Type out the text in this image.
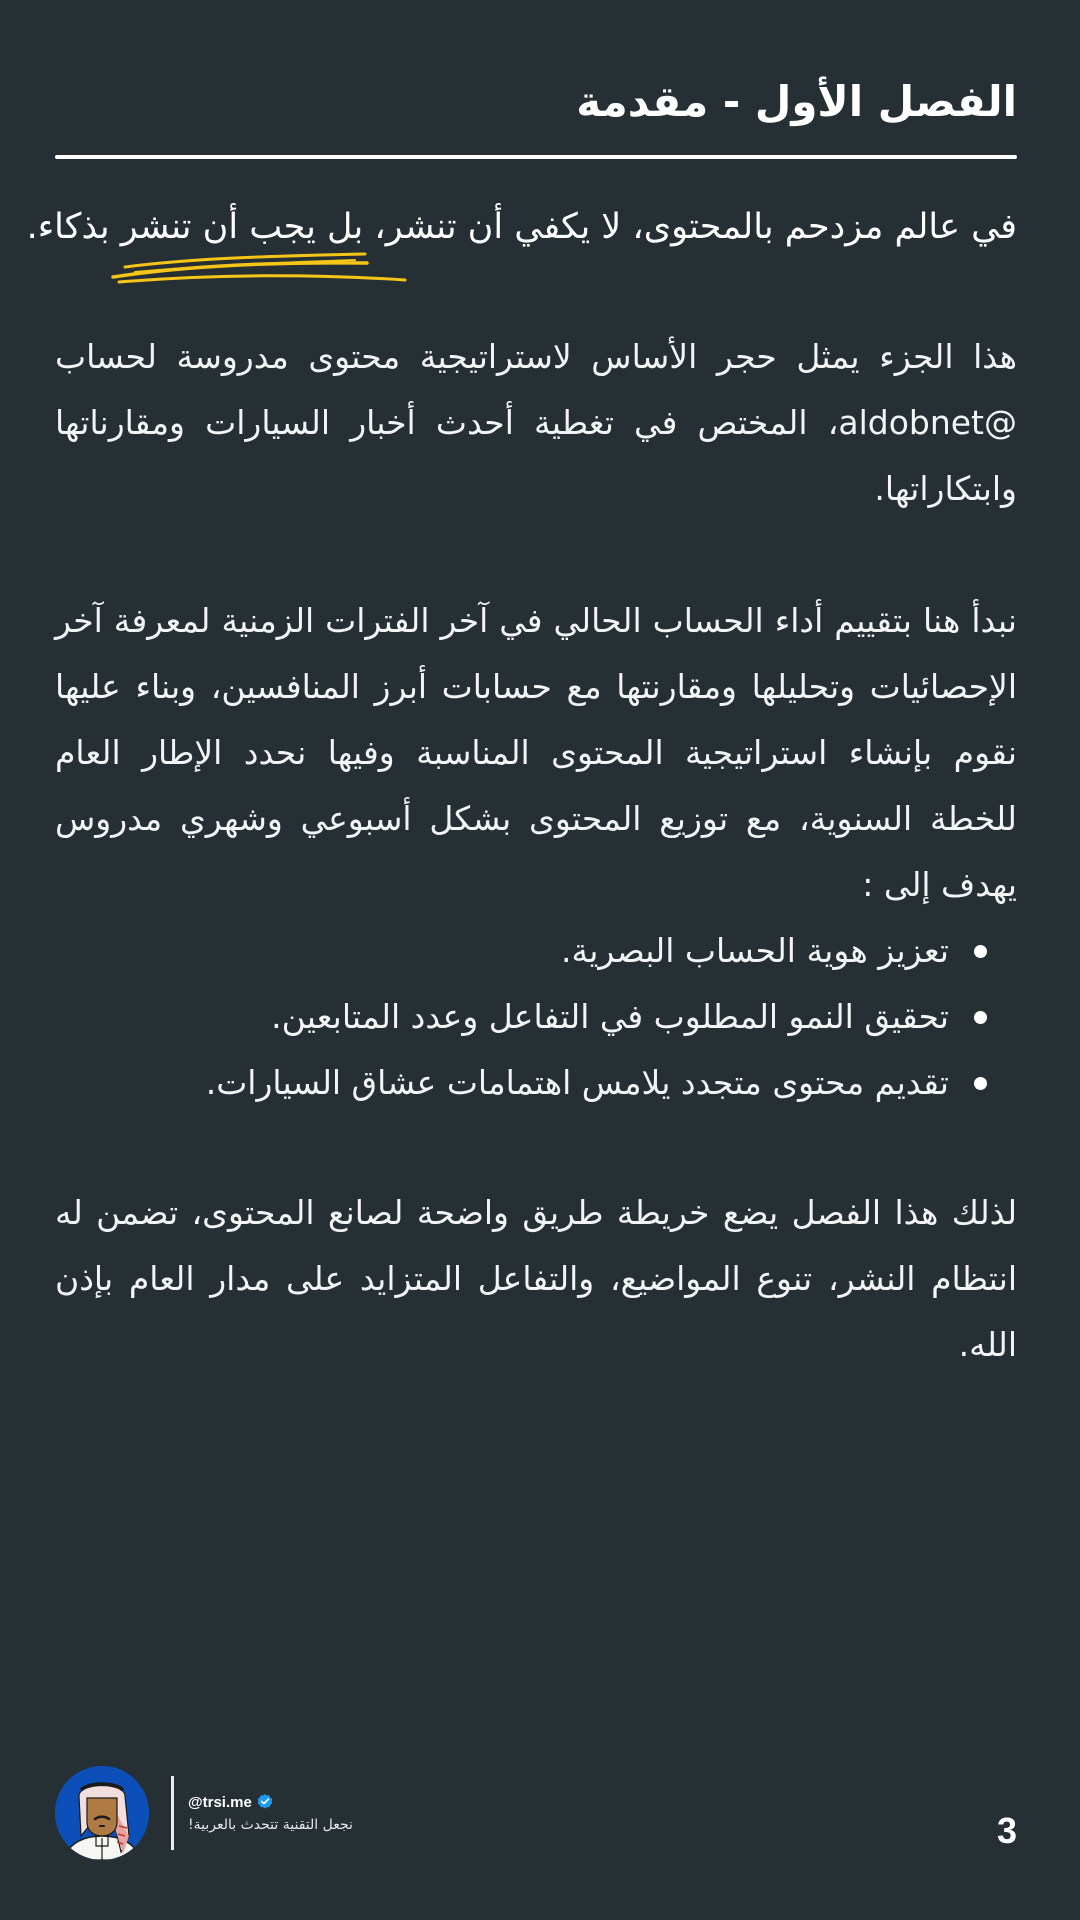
الفصل الأول - مقدمة
في عالم مزدحم بالمحتوى، لا يكفي أن تنشر، بل يجب أن تنشر بذكاء.

هذا الجزء يمثل حجر الأساس لاستراتيجية محتوى مدروسة لحساب @aldobnet، المختص في تغطية أحدث أخبار السيارات ومقارناتها وابتكاراتها.

نبدأ هنا بتقييم أداء الحساب الحالي في آخر الفترات الزمنية لمعرفة آخر الإحصائيات وتحليلها ومقارنتها مع حسابات أبرز المنافسين، وبناء عليها نقوم بإنشاء استراتيجية المحتوى المناسبة وفيها نحدد الإطار العام للخطة السنوية، مع توزيع المحتوى بشكل أسبوعي وشهري مدروس يهدف إلى :

تعزيز هوية الحساب البصرية.
تحقيق النمو المطلوب في التفاعل وعدد المتابعين.
تقديم محتوى متجدد يلامس اهتمامات عشاق السيارات.

لذلك هذا الفصل يضع خريطة طريق واضحة لصانع المحتوى، تضمن له انتظام النشر، تنوع المواضيع، والتفاعل المتزايد على مدار العام بإذن الله.

@trsi.me
نجعل التقنية تتحدث بالعربية!	3
